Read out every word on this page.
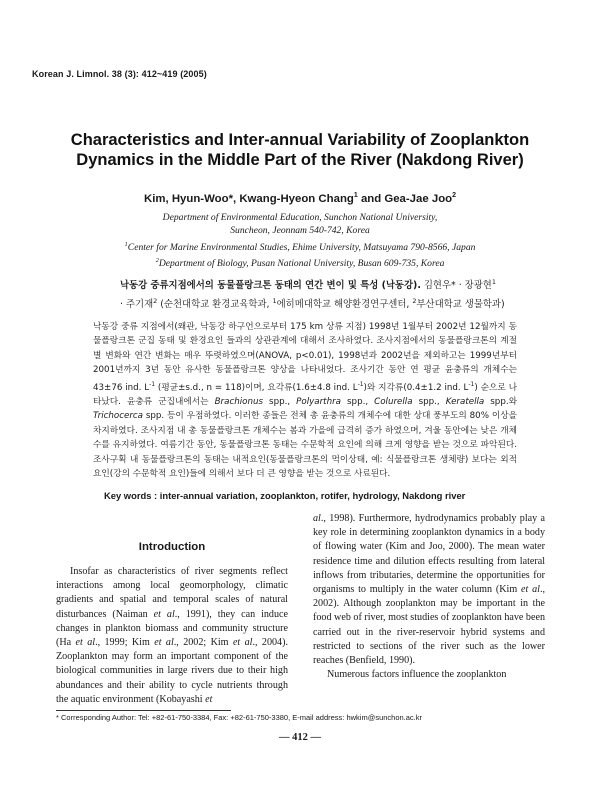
Korean J. Limnol. 38 (3): 412~419 (2005)
Characteristics and Inter-annual Variability of Zooplankton
Dynamics in the Middle Part of the River (Nakdong River)
Kim, Hyun-Woo*, Kwang-Hyeon Chang$^1$ and Gea-Jae Joo$^2$
Department of Environmental Education, Sunchon National University,
Suncheon, Jeonnam 540-742, Korea
$^1$Center for Marine Environmental Studies, Ehime University, Matsuyama 790-8566, Japan
$^2$Department of Biology, Pusan National University, Busan 609-735, Korea
낙동강 중류지점에서의 동물플랑크톤 동태의 연간 변이 및 특성 (낙동강). 김현우* · 장광현$^1$
· 주기재$^2$ (순천대학교 환경교육학과, $^1$에히메대학교 해양환경연구센터, $^2$부산대학교 생물학과)
낙동강 중류 지점에서(왜관, 낙동강 하구언으로부터 175 km 상류 지점) 1998년 1월부터 2002년 12월까지 동물플랑크톤 군집 동태 및 환경요인 들과의 상관관계에 대해서 조사하였다. 조사지점에서의 동물플랑크톤의 계절별 변화와 연간 변화는 매우 뚜렷하였으며(ANOVA, p<0.01), 1998년과 2002년을 제외하고는 1999년부터 2001년까지 3년 동안 유사한 동물플랑크톤 양상을 나타내었다. 조사기간 동안 연 평균 윤충류의 개체수는 43±76 ind. $L^{-1}$ (평균±s.d., n = 118)이며, 요각류(1.6±4.8 ind. $L^{-1}$)와 지각류(0.4±1.2 ind. $L^{-1}$) 순으로 나타났다. 윤충류 군집내에서는 Brachionus spp., Polyarthra spp., Colurella spp., Keratella spp.와 Trichocerca spp. 등이 우점하였다. 이러한 종들은 전체 총 윤충류의 개체수에 대한 상대 풍부도의 80% 이상을 차지하였다. 조사지점 내 총 동물플랑크톤 개체수는 봄과 가을에 급격히 증가 하였으며, 겨울 동안에는 낮은 개체수를 유지하였다. 여름기간 동안, 동물플랑크톤 동태는 수문학적 요인에 의해 크게 영향을 받는 것으로 파악된다. 조사구획 내 동물플랑크톤의 동태는 내적요인(동물플랑크톤의 먹이상태, 예: 식물플랑크톤 생체량) 보다는 외적 요인(강의 수문학적 요인)들에 의해서 보다 더 큰 영향을 받는 것으로 사료된다.
Key words : inter-annual variation, zooplankton, rotifer, hydrology, Nakdong river
Introduction

Insofar as characteristics of river segments reflect interactions among local geomorphology, climatic gradients and spatial and temporal scales of natural disturbances (Naiman et al., 1991), they can induce changes in plankton biomass and community structure (Ha et al., 1999; Kim et al., 2002; Kim et al., 2004). Zooplankton may form an important component of the biological communities in large rivers due to their high abundances and their ability to cycle nutrients through the aquatic environment (Kobayashi et

al., 1998). Furthermore, hydrodynamics probably play a key role in determining zooplankton dynamics in a body of flowing water (Kim and Joo, 2000). The mean water residence time and dilution effects resulting from lateral inflows from tributaries, determine the opportunities for organisms to multiply in the water column (Kim et al., 2002). Although zooplankton may be important in the food web of river, most studies of zooplankton have been carried out in the river-reservoir hybrid systems and restricted to sections of the river such as the lower reaches (Benfield, 1990).

Numerous factors influence the zooplankton

* Corresponding Author: Tel: +82-61-750-3384, Fax: +82-61-750-3380, E-mail address: hwkim@sunchon.ac.kr
— 412 —
